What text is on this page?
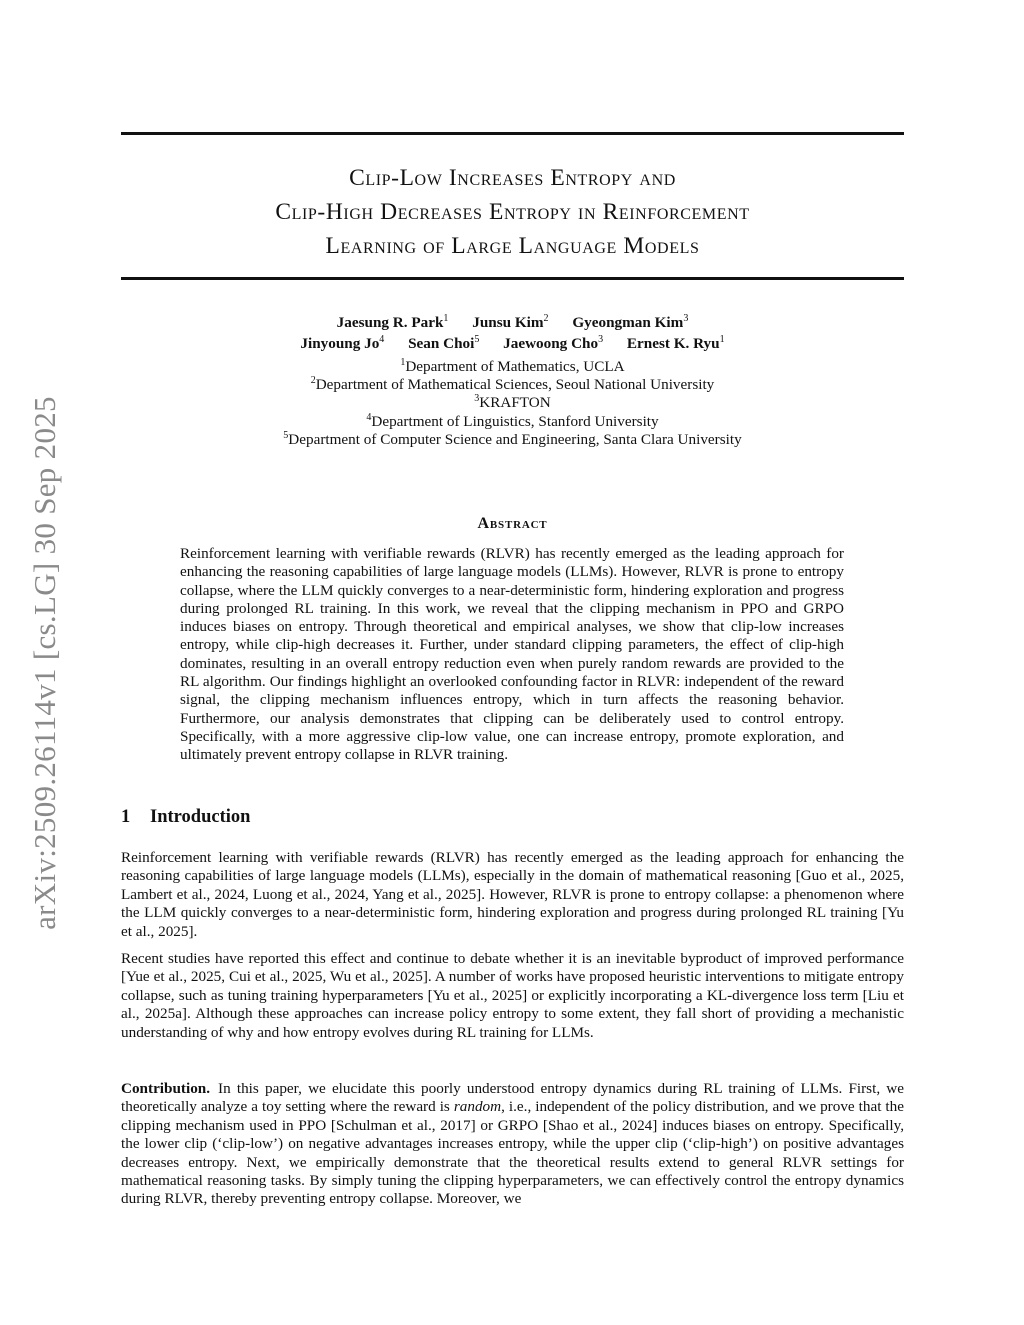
arXiv:2509.26114v1 [cs.LG] 30 Sep 2025
Clip-Low Increases Entropy and
Clip-High Decreases Entropy in Reinforcement
Learning of Large Language Models
Jaesung R. Park$^1$ Junsu Kim$^2$ Gyeongman Kim$^3$
Jinyoung Jo$^4$ Sean Choi$^5$ Jaewoong Cho$^3$ Ernest K. Ryu$^1$
$^1$Department of Mathematics, UCLA
$^2$Department of Mathematical Sciences, Seoul National University
$^3$KRAFTON
$^4$Department of Linguistics, Stanford University
$^5$Department of Computer Science and Engineering, Santa Clara University
Abstract
Reinforcement learning with verifiable rewards (RLVR) has recently emerged as the leading approach for enhancing the reasoning capabilities of large language models (LLMs). However, RLVR is prone to entropy collapse, where the LLM quickly converges to a near-deterministic form, hindering exploration and progress during prolonged RL training. In this work, we reveal that the clipping mechanism in PPO and GRPO induces biases on entropy. Through theoretical and empirical analyses, we show that clip-low increases entropy, while clip-high decreases it. Further, under standard clipping parameters, the effect of clip-high dominates, resulting in an overall entropy reduction even when purely random rewards are provided to the RL algorithm. Our findings highlight an overlooked confounding factor in RLVR: independent of the reward signal, the clipping mechanism influences entropy, which in turn affects the reasoning behavior. Furthermore, our analysis demonstrates that clipping can be deliberately used to control entropy. Specifically, with a more aggressive clip-low value, one can increase entropy, promote exploration, and ultimately prevent entropy collapse in RLVR training.
1 Introduction

Reinforcement learning with verifiable rewards (RLVR) has recently emerged as the leading approach for enhancing the reasoning capabilities of large language models (LLMs), especially in the domain of mathematical reasoning [Guo et al., 2025, Lambert et al., 2024, Luong et al., 2024, Yang et al., 2025]. However, RLVR is prone to entropy collapse: a phenomenon where the LLM quickly converges to a near-deterministic form, hindering exploration and progress during prolonged RL training [Yu et al., 2025].

Recent studies have reported this effect and continue to debate whether it is an inevitable byproduct of improved performance [Yue et al., 2025, Cui et al., 2025, Wu et al., 2025]. A number of works have proposed heuristic interventions to mitigate entropy collapse, such as tuning training hyperparameters [Yu et al., 2025] or explicitly incorporating a KL-divergence loss term [Liu et al., 2025a]. Although these approaches can increase policy entropy to some extent, they fall short of providing a mechanistic understanding of why and how entropy evolves during RL training for LLMs.

Contribution. In this paper, we elucidate this poorly understood entropy dynamics during RL training of LLMs. First, we theoretically analyze a toy setting where the reward is random, i.e., independent of the policy distribution, and we prove that the clipping mechanism used in PPO [Schulman et al., 2017] or GRPO [Shao et al., 2024] induces biases on entropy. Specifically, the lower clip (‘clip-low’) on negative advantages increases entropy, while the upper clip (‘clip-high’) on positive advantages decreases entropy. Next, we empirically demonstrate that the theoretical results extend to general RLVR settings for mathematical reasoning tasks. By simply tuning the clipping hyperparameters, we can effectively control the entropy dynamics during RLVR, thereby preventing entropy collapse. Moreover, we
